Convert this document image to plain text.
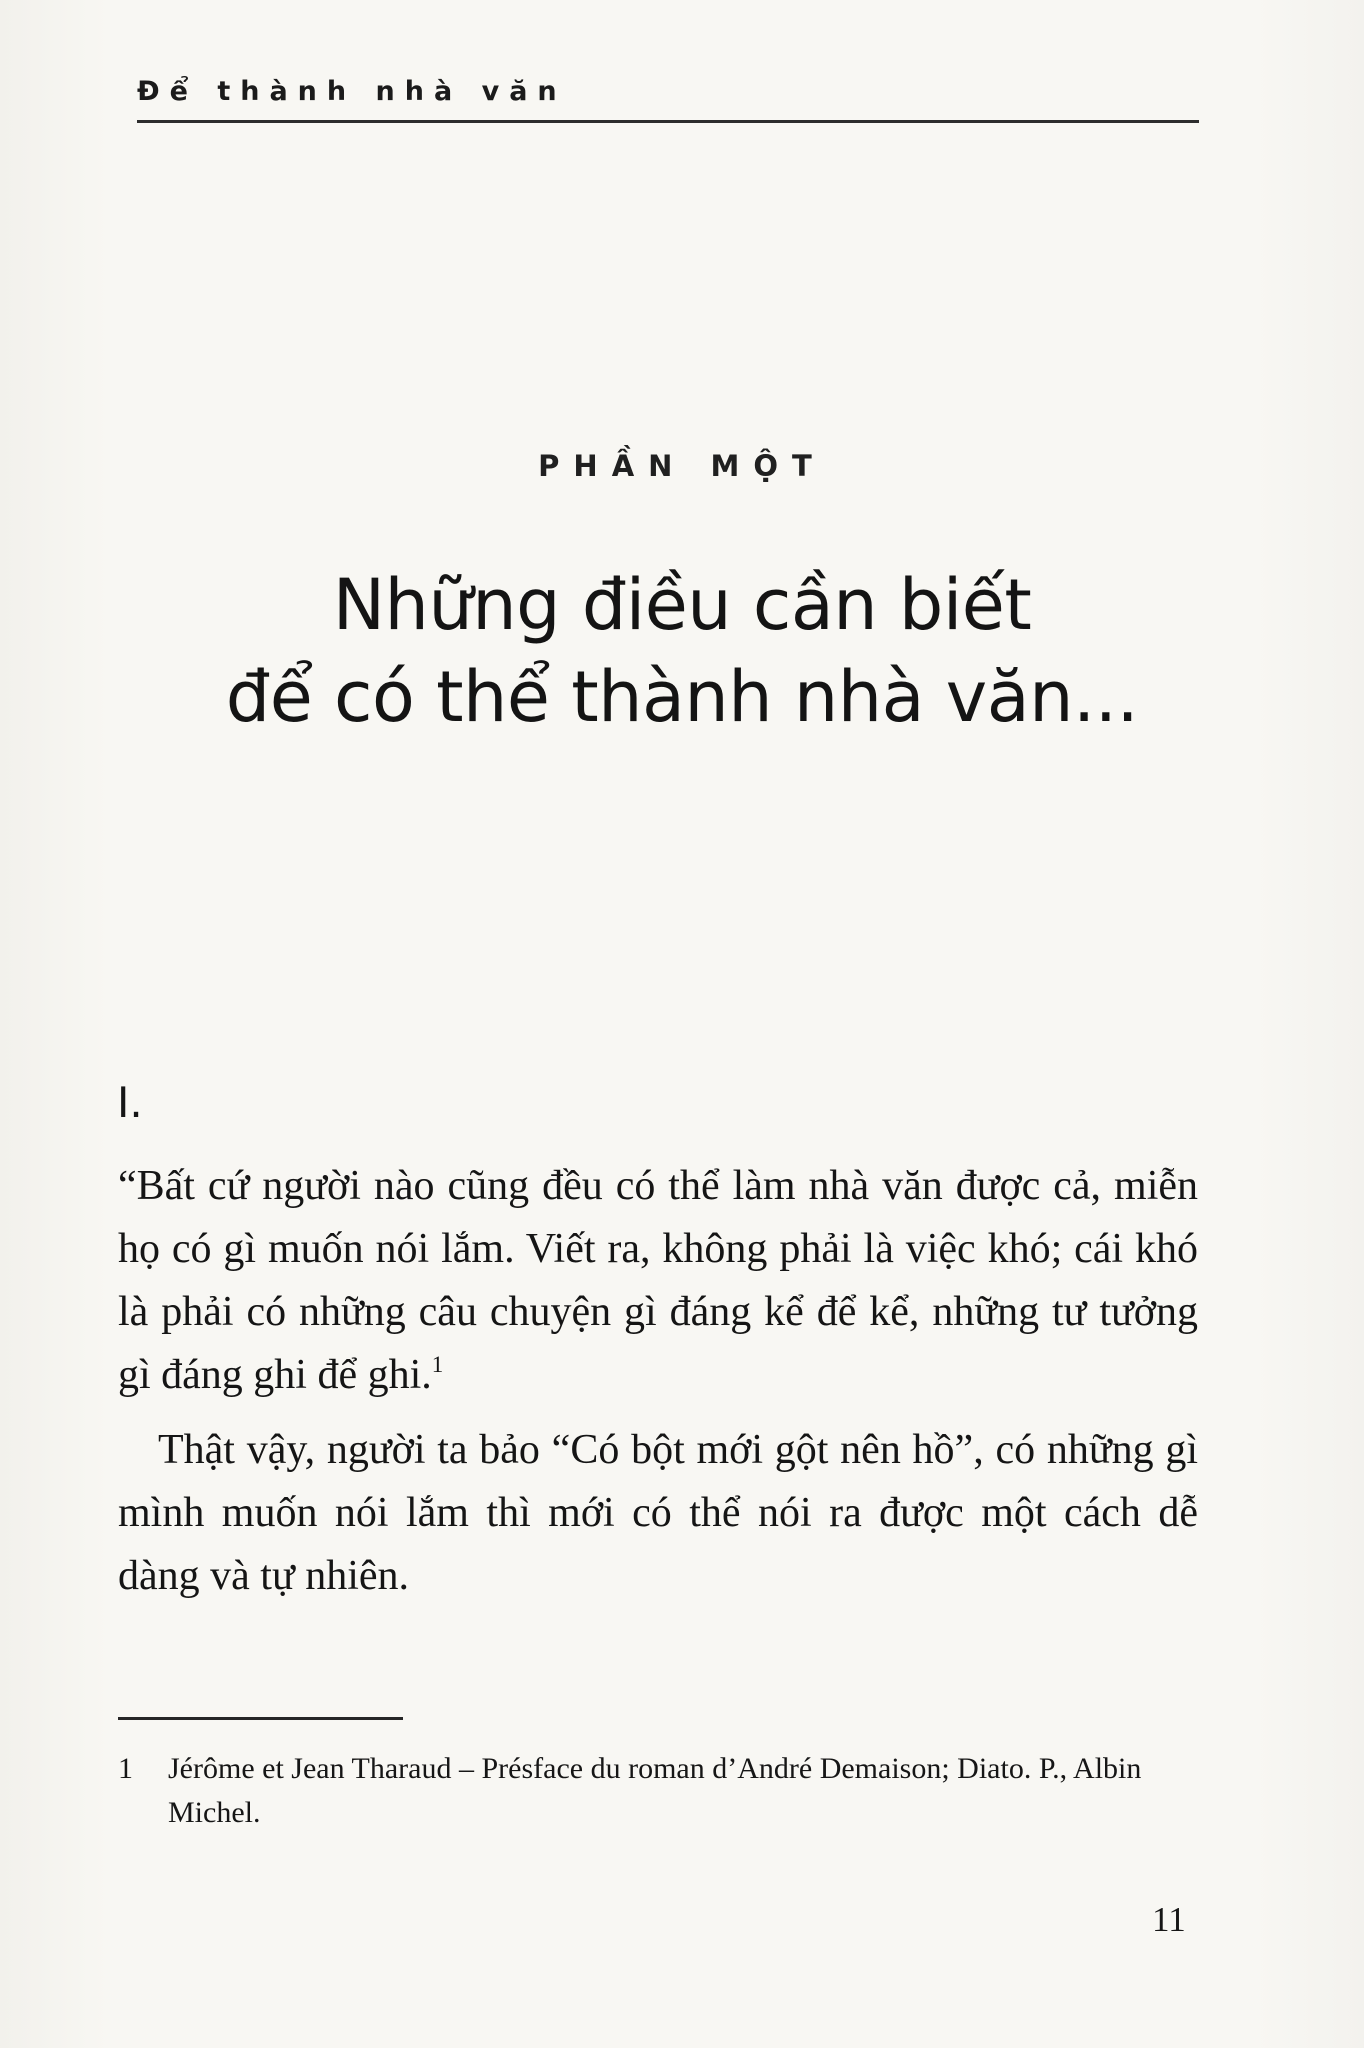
Để thành nhà văn
PHẦN MỘT
Những điều cần biết
để có thể thành nhà văn...
I.

“Bất cứ người nào cũng đều có thể làm nhà văn được cả, miễn họ có gì muốn nói lắm. Viết ra, không phải là việc khó; cái khó là phải có những câu chuyện gì đáng kể để kể, những tư tưởng gì đáng ghi để ghi.$^1$

Thật vậy, người ta bảo “Có bột mới gột nên hồ”, có những gì mình muốn nói lắm thì mới có thể nói ra được một cách dễ dàng và tự nhiên.

1	Jérôme et Jean Tharaud – Présface du roman d’André Demaison; Diato. P., Albin Michel.
11
